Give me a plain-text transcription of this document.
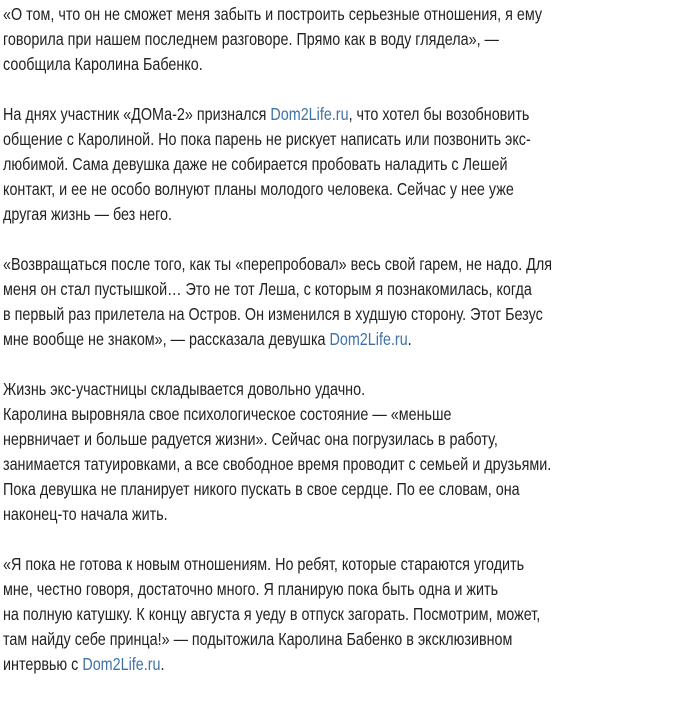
«О том, что он не сможет меня забыть и построить серьезные отношения, я ему
говорила при нашем последнем разговоре. Прямо как в воду глядела», —
сообщила Каролина Бабенко.

На днях участник «ДОМа-2» признался Dom2Life.ru, что хотел бы возобновить
общение с Каролиной. Но пока парень не рискует написать или позвонить экс-
любимой. Сама девушка даже не собирается пробовать наладить с Лешей
контакт, и ее не особо волнуют планы молодого человека. Сейчас у нее уже
другая жизнь — без него.

«Возвращаться после того, как ты «перепробовал» весь свой гарем, не надо. Для
меня он стал пустышкой… Это не тот Леша, с которым я познакомилась, когда
в первый раз прилетела на Остров. Он изменился в худшую сторону. Этот Безус
мне вообще не знаком», — рассказала девушка Dom2Life.ru.

Жизнь экс-участницы складывается довольно удачно.
Каролина выровняла свое психологическое состояние — «меньше
нервничает и больше радуется жизни». Сейчас она погрузилась в работу,
занимается татуировками, а все свободное время проводит с семьей и друзьями.
Пока девушка не планирует никого пускать в свое сердце. По ее словам, она
наконец-то начала жить.

«Я пока не готова к новым отношениям. Но ребят, которые стараются угодить
мне, честно говоря, достаточно много. Я планирую пока быть одна и жить
на полную катушку. К концу августа я уеду в отпуск загорать. Посмотрим, может,
там найду себе принца!» — подытожила Каролина Бабенко в эксклюзивном
интервью с Dom2Life.ru.
